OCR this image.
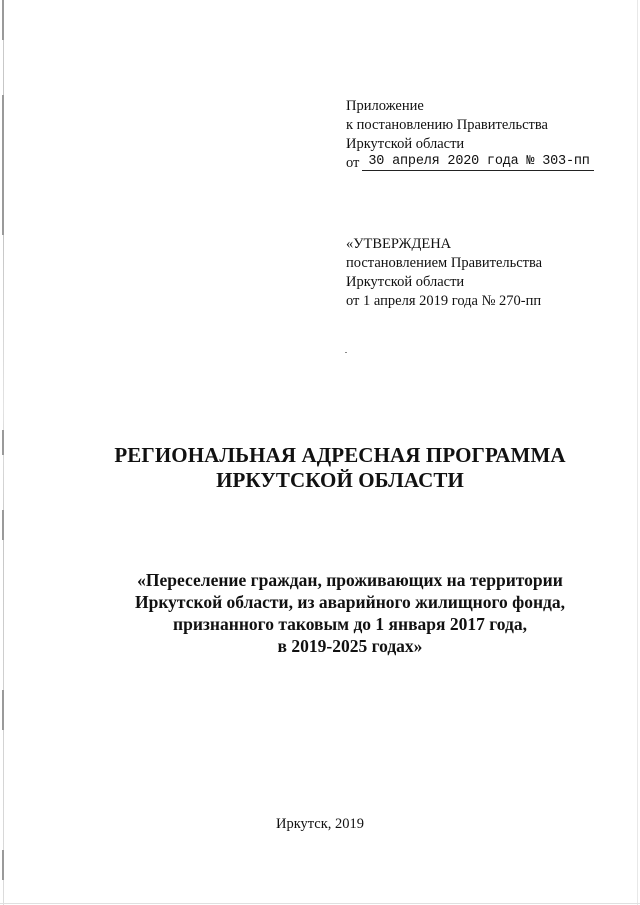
Приложение
к постановлению Правительства
Иркутской области
от 30 апреля 2020 года № 303-пп
«УТВЕРЖДЕНА
постановлением Правительства
Иркутской области
от 1 апреля 2019 года № 270-пп
РЕГИОНАЛЬНАЯ АДРЕСНАЯ ПРОГРАММА
ИРКУТСКОЙ ОБЛАСТИ
«Переселение граждан, проживающих на территории
Иркутской области, из аварийного жилищного фонда,
признанного таковым до 1 января 2017 года,
в 2019-2025 годах»
Иркутск, 2019
